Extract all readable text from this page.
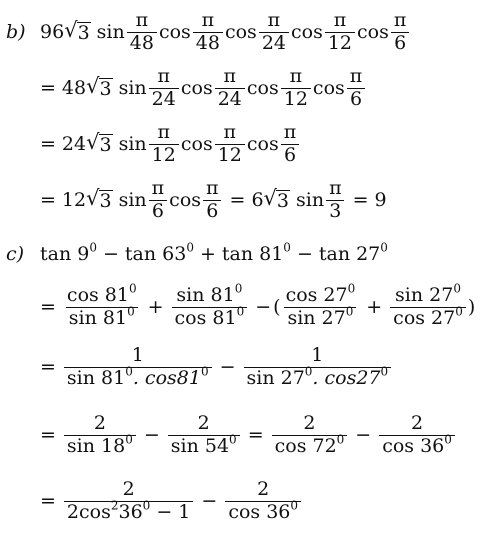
b) 96 √ 3 $\sin \frac{\pi}{48}$ $\cos \frac{\pi}{48}$ $\cos \frac{\pi}{24}$ $\cos \frac{\pi}{12}$ $\cos \frac{\pi}{6}$
= 48 √ 3 $\sin \frac{\pi}{24}$ $\cos \frac{\pi}{24}$ $\cos \frac{\pi}{12}$ $\cos \frac{\pi}{6}$
= 24 √ 3 $\sin \frac{\pi}{12}$ $\cos \frac{\pi}{12}$ $\cos \frac{\pi}{6}$
= 12 √ 3 $\sin \frac{\pi}{6}$ $\cos \frac{\pi}{6} = 6$ √ 3 $\sin \frac{\pi}{3} = 9$
c) $\tan 9^0 - \tan 63^0 + \tan 81^0 - \tan 27^0$
= $\frac{\cos 81^0}{\sin 81^0} + \frac{\sin 81^0}{\cos 81^0}$ − ( $\frac{\cos 27^0}{\sin 27^0} + \frac{\sin 27^0}{\cos 27^0}$ )
= $\frac{1}{\sin 81^0. \cos 81^0} - \frac{1}{\sin 27^0. \cos 27^0}$
= $\frac{2}{\sin 18^0} - \frac{2}{\sin 54^0} = \frac{2}{\cos 72^0} - \frac{2}{\cos 36^0}$
= $\frac{2}{2\cos^236^0 - 1} - \frac{2}{\cos 36^0}$
